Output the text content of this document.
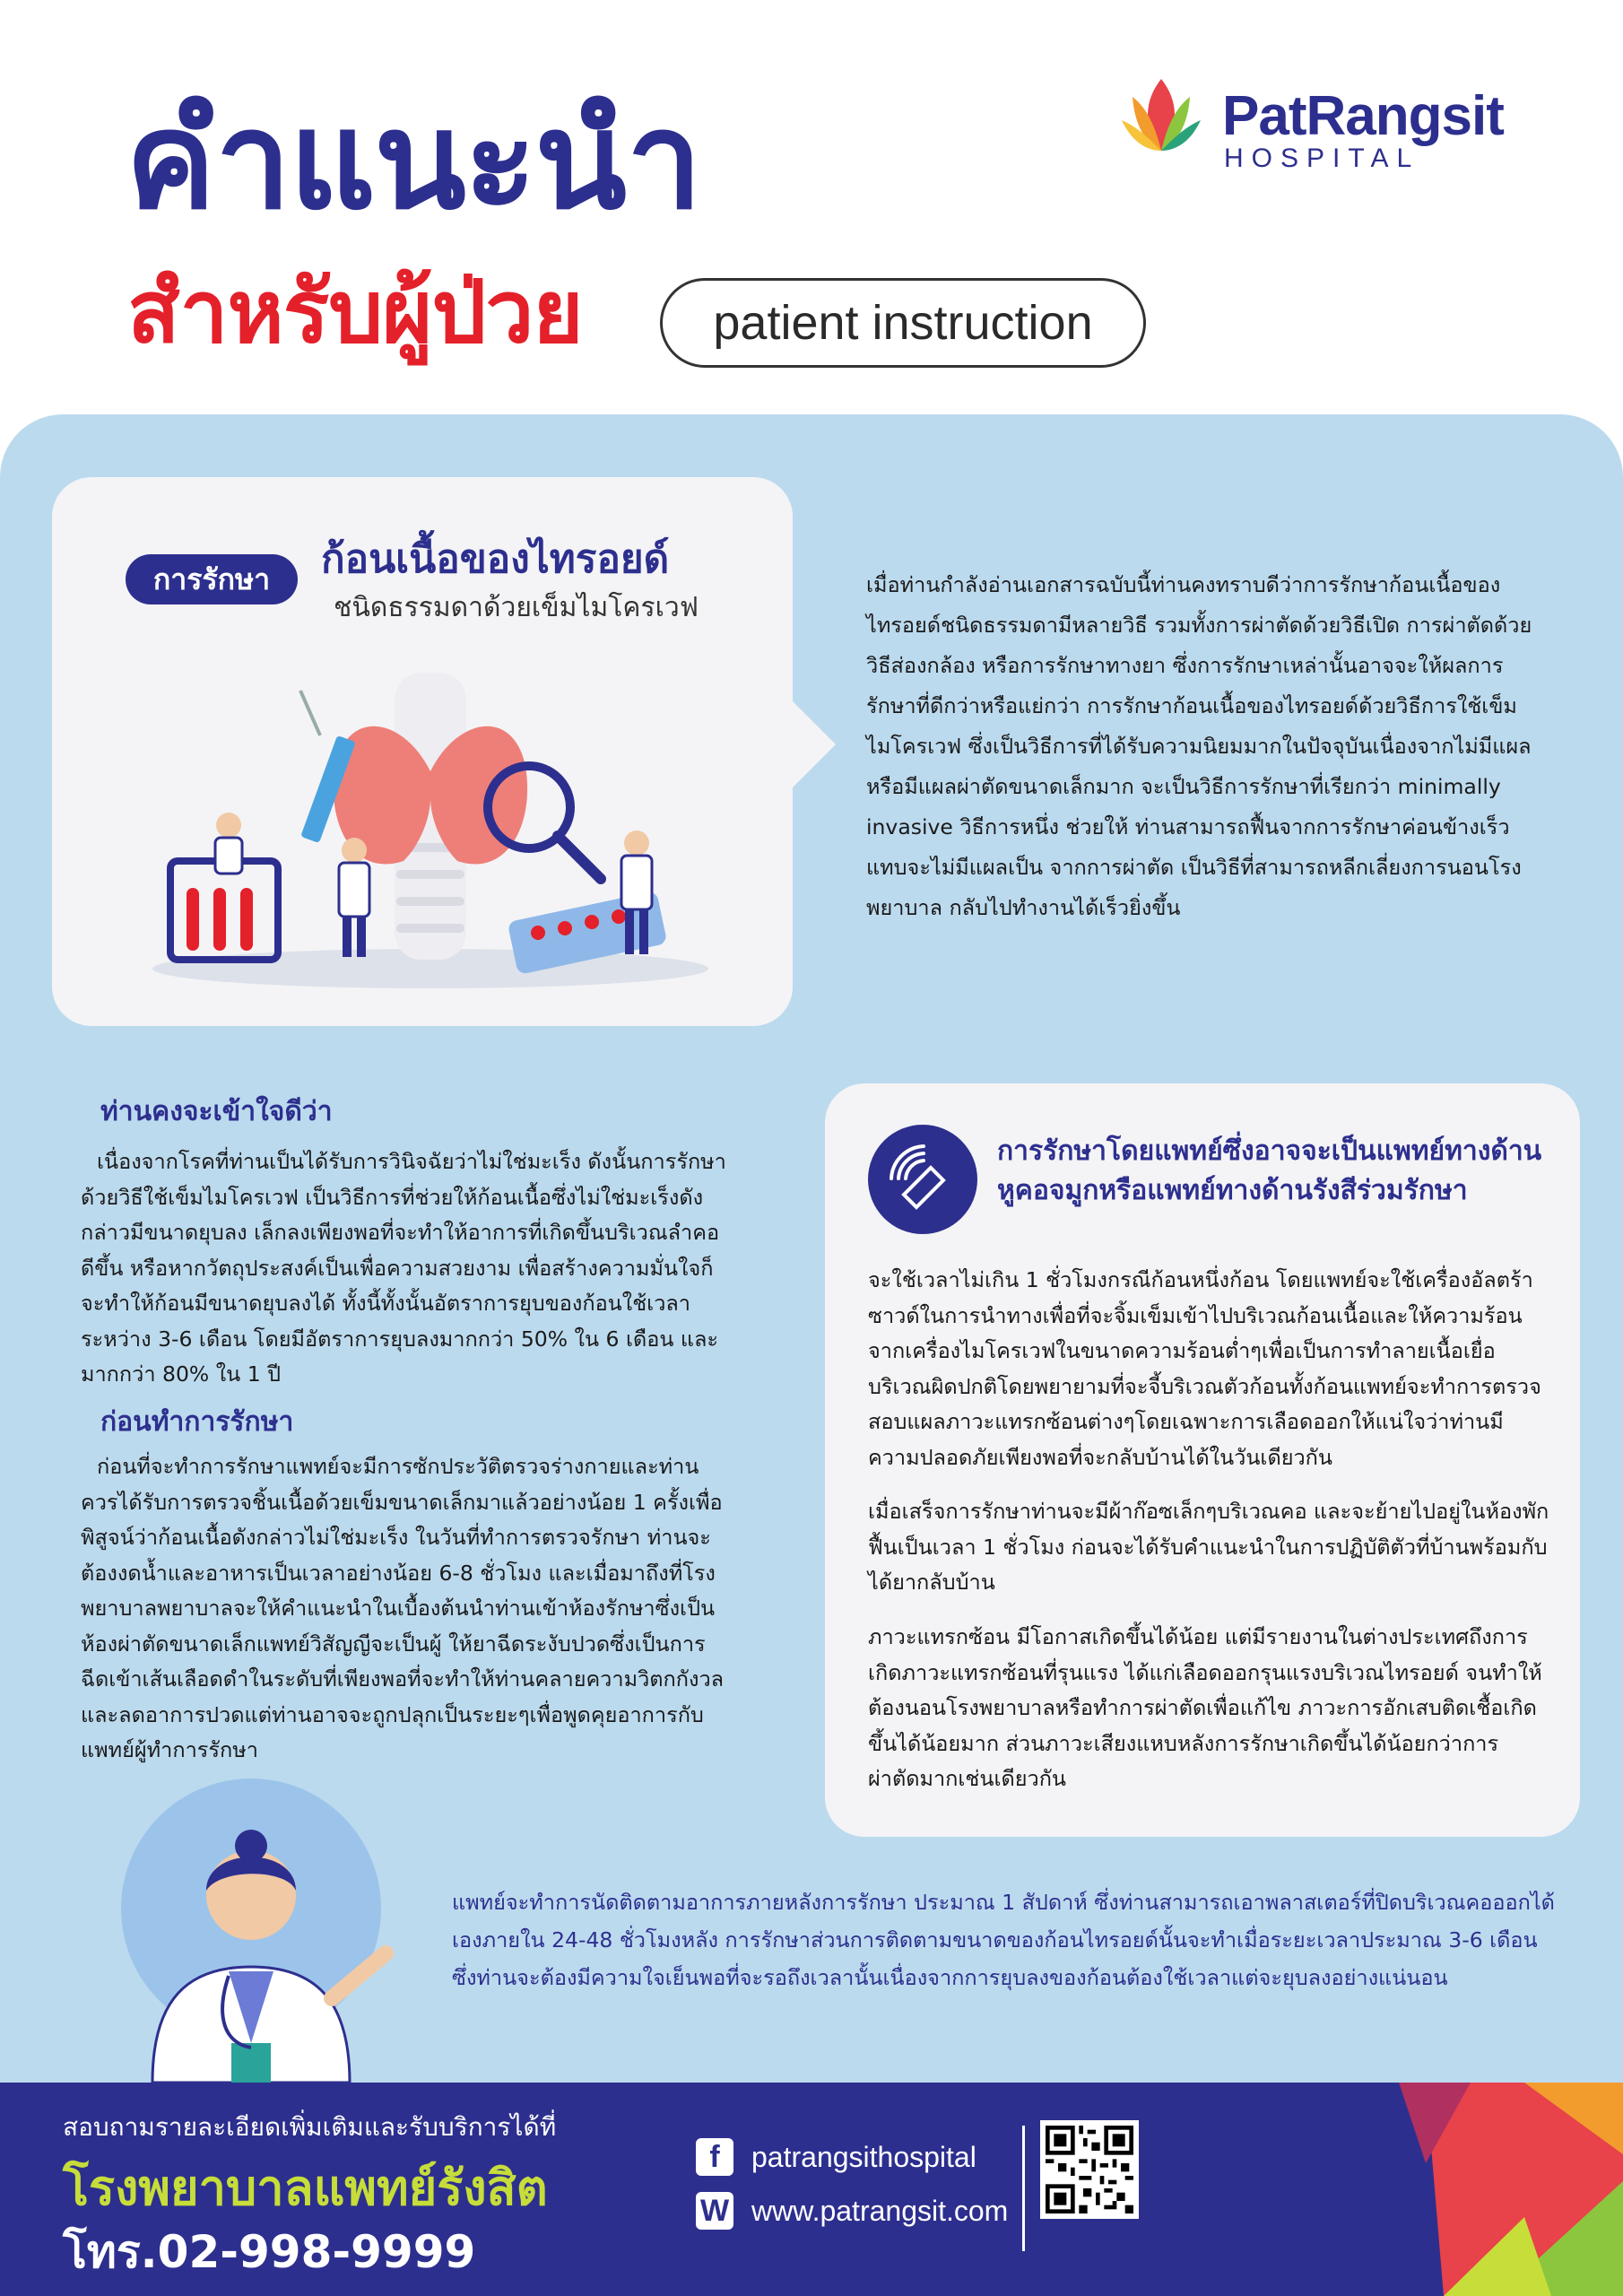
คำแนะนำ
สำหรับผู้ป่วย	patient instruction
PatRangsit
HOSPITAL
การรักษา	ก้อนเนื้อของไทรอยด์
ชนิดธรรมดาด้วยเข็มไมโครเวฟ
เมื่อท่านกำลังอ่านเอกสารฉบับนี้ท่านคงทราบดีว่าการรักษาก้อนเนื้อของไทรอยด์ชนิดธรรมดามีหลายวิธี รวมทั้งการผ่าตัดด้วยวิธีเปิด การผ่าตัดด้วยวิธีส่องกล้อง หรือการรักษาทางยา ซึ่งการรักษาเหล่านั้นอาจจะให้ผลการรักษาที่ดีกว่าหรือแย่กว่า การรักษาก้อนเนื้อของไทรอยด์ด้วยวิธีการใช้เข็มไมโครเวฟ ซึ่งเป็นวิธีการที่ได้รับความนิยมมากในปัจจุบันเนื่องจากไม่มีแผล หรือมีแผลผ่าตัดขนาดเล็กมาก จะเป็นวิธีการรักษาที่เรียกว่า minimally invasive วิธีการหนึ่ง ช่วยให้ ท่านสามารถฟื้นจากการรักษาค่อนข้างเร็ว แทบจะไม่มีแผลเป็น จากการผ่าตัด เป็นวิธีที่สามารถหลีกเลี่ยงการนอนโรงพยาบาล กลับไปทำงานได้เร็วยิ่งขึ้น
ท่านคงจะเข้าใจดีว่า
เนื่องจากโรคที่ท่านเป็นได้รับการวินิจฉัยว่าไม่ใช่มะเร็ง ดังนั้นการรักษาด้วยวิธีใช้เข็มไมโครเวฟ เป็นวิธีการที่ช่วยให้ก้อนเนื้อซึ่งไม่ใช่มะเร็งดังกล่าวมีขนาดยุบลง เล็กลงเพียงพอที่จะทำให้อาการที่เกิดขึ้นบริเวณลำคอดีขึ้น หรือหากวัตถุประสงค์เป็นเพื่อความสวยงาม เพื่อสร้างความมั่นใจก็จะทำให้ก้อนมีขนาดยุบลงได้ ทั้งนี้ทั้งนั้นอัตราการยุบของก้อนใช้เวลา ระหว่าง 3-6 เดือน โดยมีอัตราการยุบลงมากกว่า 50% ใน 6 เดือน และมากกว่า 80% ใน 1 ปี
ก่อนทำการรักษา
ก่อนที่จะทำการรักษาแพทย์จะมีการซักประวัติตรวจร่างกายและท่านควรได้รับการตรวจชิ้นเนื้อด้วยเข็มขนาดเล็กมาแล้วอย่างน้อย 1 ครั้งเพื่อพิสูจน์ว่าก้อนเนื้อดังกล่าวไม่ใช่มะเร็ง ในวันที่ทำการตรวจรักษา ท่านจะต้องงดน้ำและอาหารเป็นเวลาอย่างน้อย 6-8 ชั่วโมง และเมื่อมาถึงที่โรงพยาบาลพยาบาลจะให้คำแนะนำในเบื้องต้นนำท่านเข้าห้องรักษาซึ่งเป็นห้องผ่าตัดขนาดเล็กแพทย์วิสัญญีจะเป็นผู้ ให้ยาฉีดระงับปวดซึ่งเป็นการฉีดเข้าเส้นเลือดดำในระดับที่เพียงพอที่จะทำให้ท่านคลายความวิตกกังวลและลดอาการปวดแต่ท่านอาจจะถูกปลุกเป็นระยะๆเพื่อพูดคุยอาการกับแพทย์ผู้ทำการรักษา
การรักษาโดยแพทย์ซึ่งอาจจะเป็นแพทย์ทางด้านหูคอจมูกหรือแพทย์ทางด้านรังสีร่วมรักษา
จะใช้เวลาไม่เกิน 1 ชั่วโมงกรณีก้อนหนึ่งก้อน โดยแพทย์จะใช้เครื่องอัลตร้าซาวด์ในการนำทางเพื่อที่จะจิ้มเข็มเข้าไปบริเวณก้อนเนื้อและให้ความร้อนจากเครื่องไมโครเวฟในขนาดความร้อนต่ำๆเพื่อเป็นการทำลายเนื้อเยื่อบริเวณผิดปกติโดยพยายามที่จะจี้บริเวณตัวก้อนทั้งก้อนแพทย์จะทำการตรวจสอบแผลภาวะแทรกซ้อนต่างๆโดยเฉพาะการเลือดออกให้แน่ใจว่าท่านมีความปลอดภัยเพียงพอที่จะกลับบ้านได้ในวันเดียวกัน
เมื่อเสร็จการรักษาท่านจะมีผ้าก๊อซเล็กๆบริเวณคอ และจะย้ายไปอยู่ในห้องพักฟื้นเป็นเวลา 1 ชั่วโมง ก่อนจะได้รับคำแนะนำในการปฏิบัติตัวที่บ้านพร้อมกับได้ยากลับบ้าน
ภาวะแทรกซ้อน มีโอกาสเกิดขึ้นได้น้อย แต่มีรายงานในต่างประเทศถึงการเกิดภาวะแทรกซ้อนที่รุนแรง ได้แก่เลือดออกรุนแรงบริเวณไทรอยด์ จนทำให้ต้องนอนโรงพยาบาลหรือทำการผ่าตัดเพื่อแก้ไข ภาวะการอักเสบติดเชื้อเกิดขึ้นได้น้อยมาก ส่วนภาวะเสียงแหบหลังการรักษาเกิดขึ้นได้น้อยกว่าการผ่าตัดมากเช่นเดียวกัน
แพทย์จะทำการนัดติดตามอาการภายหลังการรักษา ประมาณ 1 สัปดาห์ ซึ่งท่านสามารถเอาพลาสเตอร์ที่ปิดบริเวณคอออกได้เองภายใน 24-48 ชั่วโมงหลัง การรักษาส่วนการติดตามขนาดของก้อนไทรอยด์นั้นจะทำเมื่อระยะเวลาประมาณ 3-6 เดือน ซึ่งท่านจะต้องมีความใจเย็นพอที่จะรอถึงเวลานั้นเนื่องจากการยุบลงของก้อนต้องใช้เวลาแต่จะยุบลงอย่างแน่นอน
สอบถามรายละเอียดเพิ่มเติมและรับบริการได้ที่
โรงพยาบาลแพทย์รังสิต
โทร.02-998-9999
f	patrangsithospital
W www.patrangsit.com
